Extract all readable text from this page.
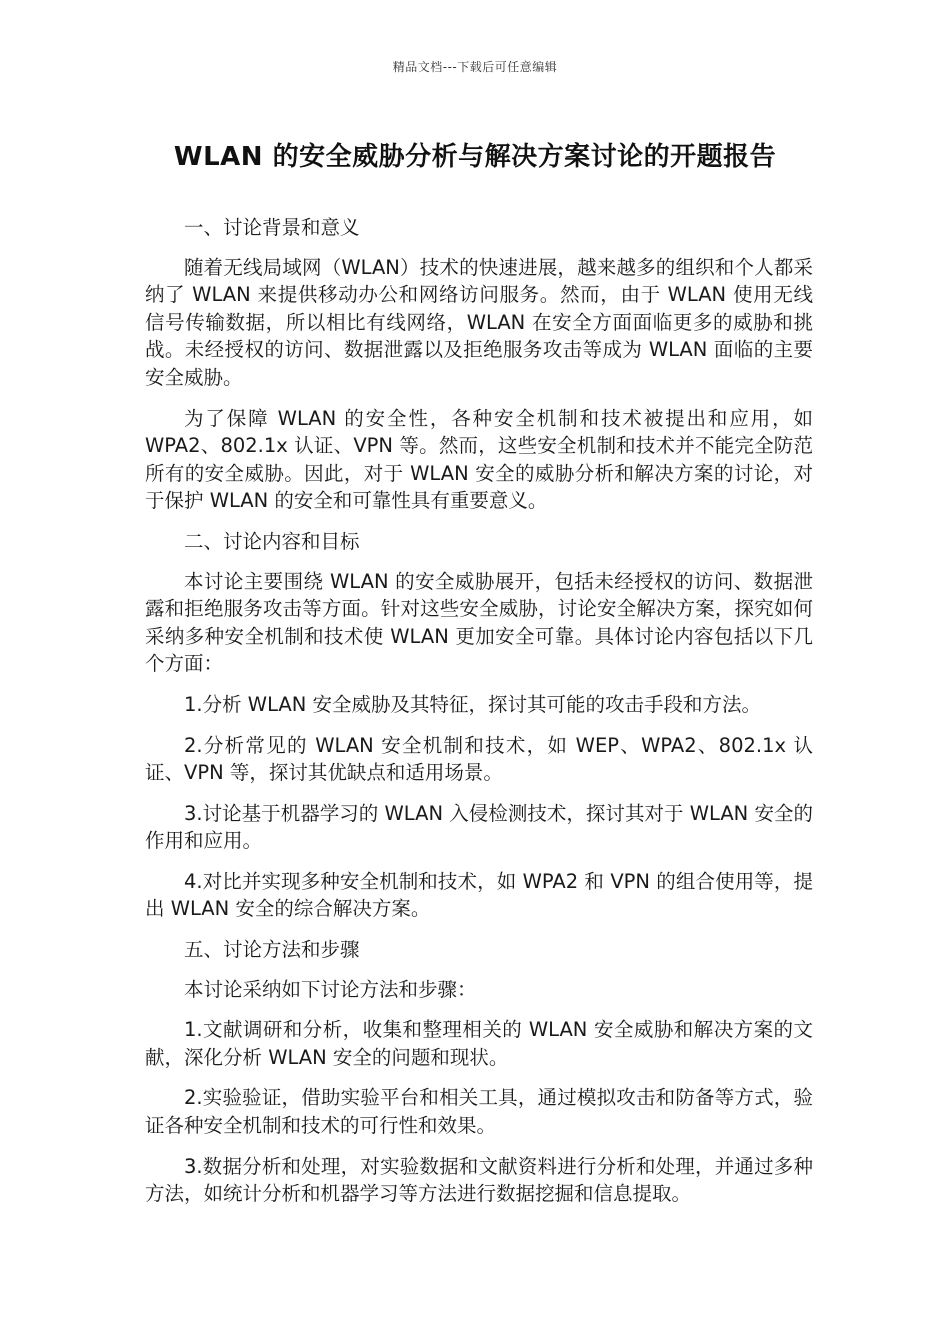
精品文档---下载后可任意编辑
WLAN 的安全威胁分析与解决方案讨论的开题报告

一、讨论背景和意义

随着无线局域网（WLAN）技术的快速进展，越来越多的组织和个人都采纳了 WLAN 来提供移动办公和网络访问服务。然而，由于 WLAN 使用无线信号传输数据，所以相比有线网络，WLAN 在安全方面面临更多的威胁和挑战。未经授权的访问、数据泄露以及拒绝服务攻击等成为 WLAN 面临的主要安全威胁。

为了保障 WLAN 的安全性，各种安全机制和技术被提出和应用，如 WPA2、802.1x 认证、VPN 等。然而，这些安全机制和技术并不能完全防范所有的安全威胁。因此，对于 WLAN 安全的威胁分析和解决方案的讨论，对于保护 WLAN 的安全和可靠性具有重要意义。

二、讨论内容和目标

本讨论主要围绕 WLAN 的安全威胁展开，包括未经授权的访问、数据泄露和拒绝服务攻击等方面。针对这些安全威胁，讨论安全解决方案，探究如何采纳多种安全机制和技术使 WLAN 更加安全可靠。具体讨论内容包括以下几个方面：

1.分析 WLAN 安全威胁及其特征，探讨其可能的攻击手段和方法。

2.分析常见的 WLAN 安全机制和技术，如 WEP、WPA2、802.1x 认证、VPN 等，探讨其优缺点和适用场景。

3.讨论基于机器学习的 WLAN 入侵检测技术，探讨其对于 WLAN 安全的作用和应用。

4.对比并实现多种安全机制和技术，如 WPA2 和 VPN 的组合使用等，提出 WLAN 安全的综合解决方案。

五、讨论方法和步骤

本讨论采纳如下讨论方法和步骤：

1.文献调研和分析，收集和整理相关的 WLAN 安全威胁和解决方案的文献，深化分析 WLAN 安全的问题和现状。

2.实验验证，借助实验平台和相关工具，通过模拟攻击和防备等方式，验证各种安全机制和技术的可行性和效果。

3.数据分析和处理，对实验数据和文献资料进行分析和处理，并通过多种方法，如统计分析和机器学习等方法进行数据挖掘和信息提取。
